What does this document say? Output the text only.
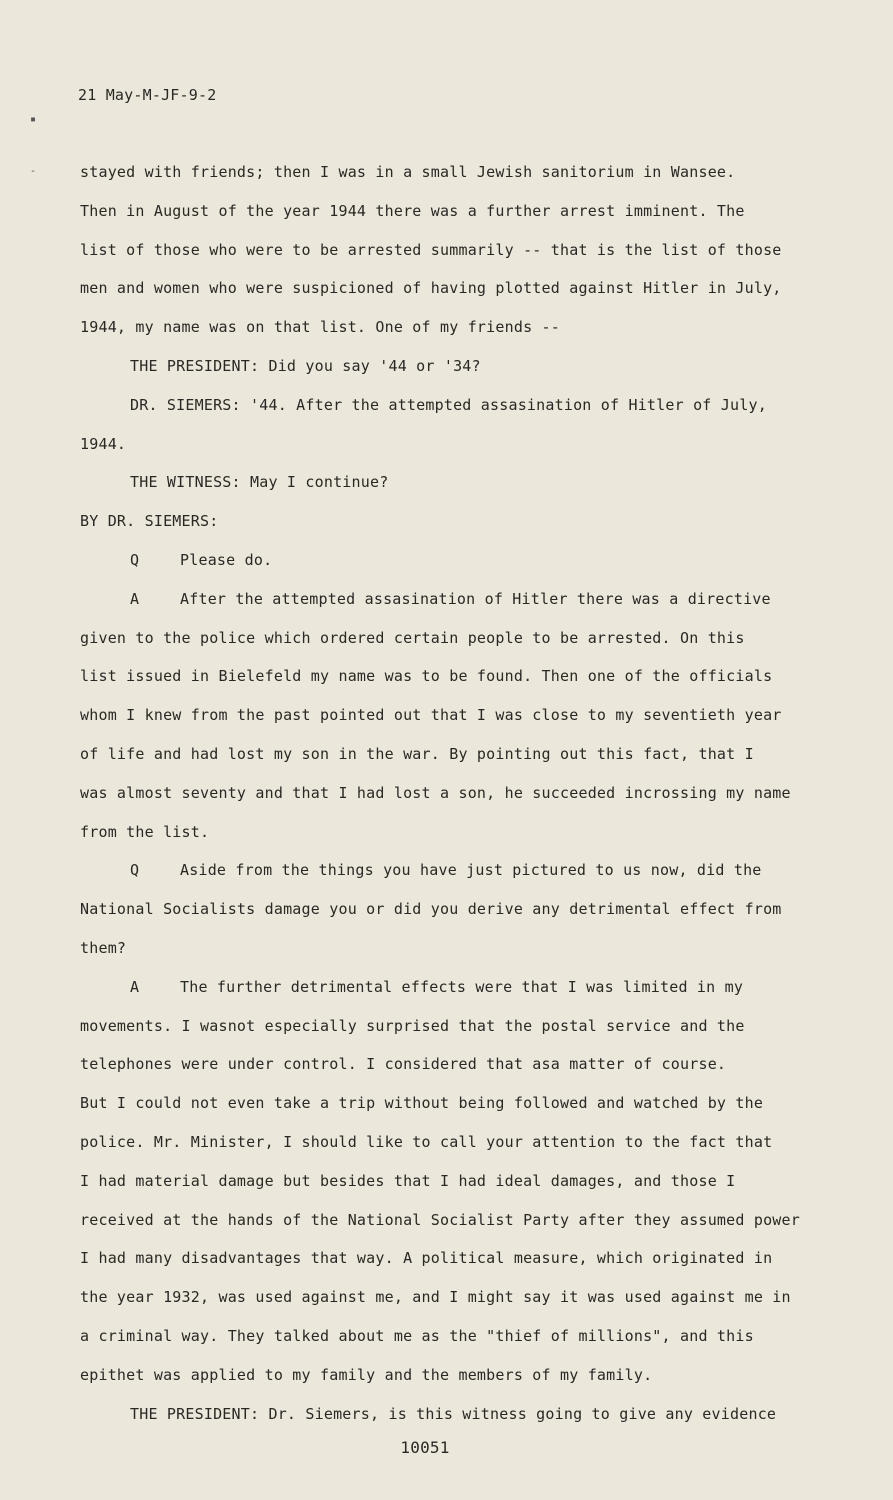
21 May-M-JF-9-2
▪
-	stayed with friends; then I was in a small Jewish sanitorium in Wansee.
Then in August of the year 1944 there was a further arrest imminent. The
list of those who were to be arrested summarily -- that is the list of those
men and women who were suspicioned of having plotted against Hitler in July,
1944, my name was on that list. One of my friends --
THE PRESIDENT: Did you say '44 or '34?
DR. SIEMERS: '44. After the attempted assasination of Hitler of July,
1944.
THE WITNESS: May I continue?
BY DR. SIEMERS:
Q	Please do.
A	After the attempted assasination of Hitler there was a directive
given to the police which ordered certain people to be arrested. On this
list issued in Bielefeld my name was to be found. Then one of the officials
whom I knew from the past pointed out that I was close to my seventieth year
of life and had lost my son in the war. By pointing out this fact, that I
was almost seventy and that I had lost a son, he succeeded incrossing my name
from the list.
Q	Aside from the things you have just pictured to us now, did the
National Socialists damage you or did you derive any detrimental effect from
them?
A	The further detrimental effects were that I was limited in my
movements. I wasnot especially surprised that the postal service and the
telephones were under control. I considered that asa matter of course.
But I could not even take a trip without being followed and watched by the
police. Mr. Minister, I should like to call your attention to the fact that
I had material damage but besides that I had ideal damages, and those I
received at the hands of the National Socialist Party after they assumed power
I had many disadvantages that way. A political measure, which originated in
the year 1932, was used against me, and I might say it was used against me in
a criminal way. They talked about me as the "thief of millions", and this
epithet was applied to my family and the members of my family.
THE PRESIDENT: Dr. Siemers, is this witness going to give any evidence
10051
